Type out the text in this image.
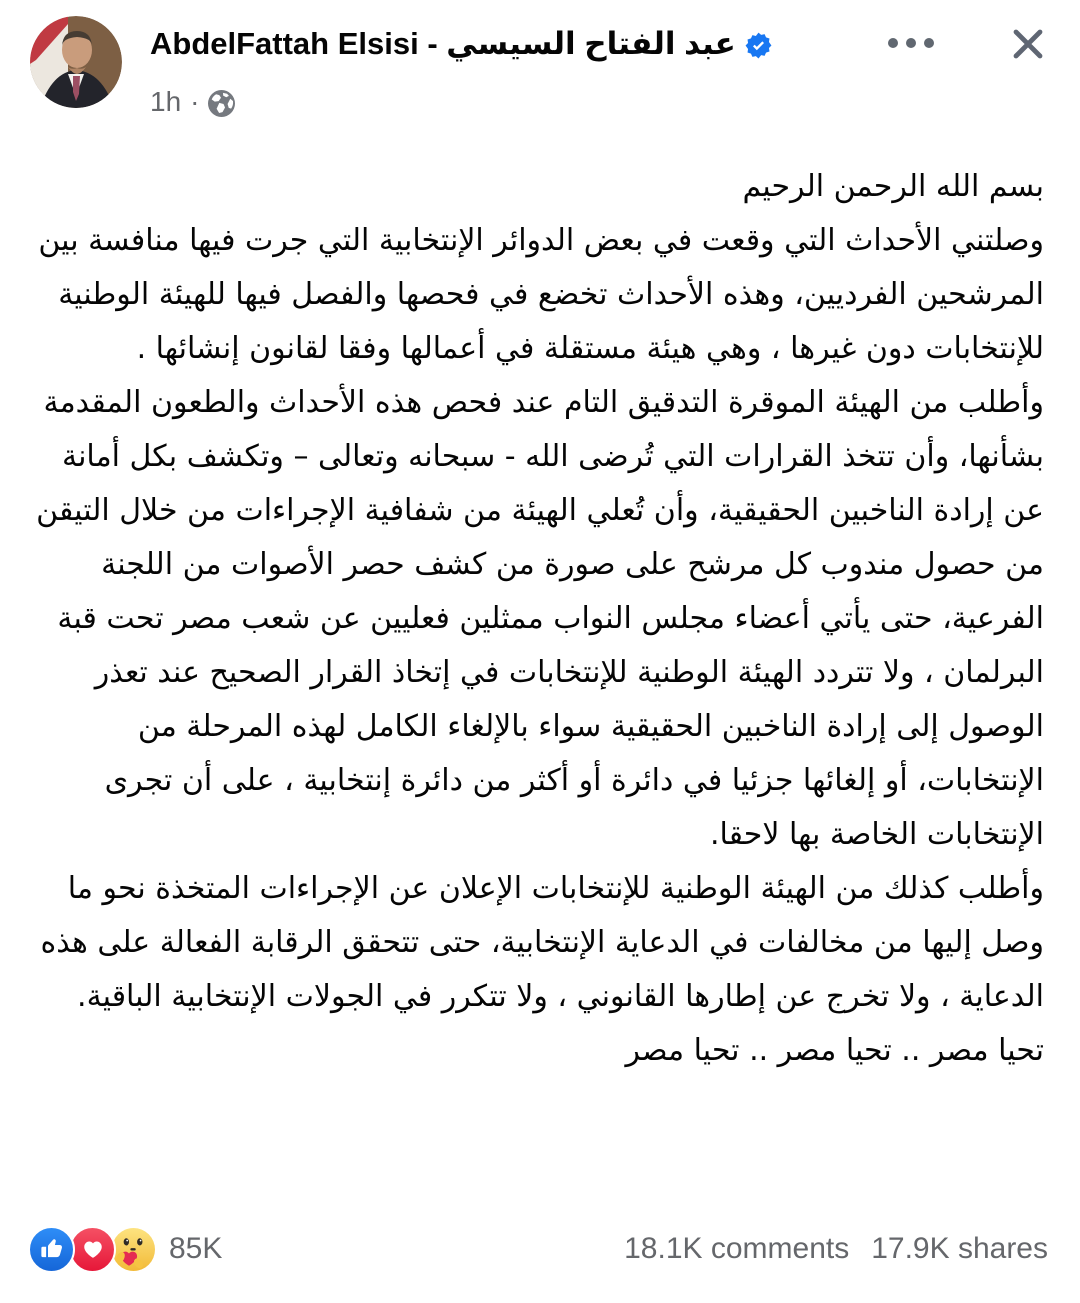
AbdelFattah Elsisi - عبد الفتاح السيسي
1h ·
بسم الله الرحمن الرحيم
وصلتني الأحداث التي وقعت في بعض الدوائر الإنتخابية التي جرت فيها منافسة بين المرشحين الفرديين، وهذه الأحداث تخضع في فحصها والفصل فيها للهيئة الوطنية للإنتخابات دون غيرها ، وهي هيئة مستقلة في أعمالها وفقا لقانون إنشائها .
وأطلب من الهيئة الموقرة التدقيق التام عند فحص هذه الأحداث والطعون المقدمة بشأنها، وأن تتخذ القرارات التي تُرضى الله - سبحانه وتعالى – وتكشف بكل أمانة عن إرادة الناخبين الحقيقية، وأن تُعلي الهيئة من شفافية الإجراءات من خلال التيقن من حصول مندوب كل مرشح على صورة من كشف حصر الأصوات من اللجنة الفرعية، حتى يأتي أعضاء مجلس النواب ممثلين فعليين عن شعب مصر تحت قبة البرلمان ، ولا تتردد الهيئة الوطنية للإنتخابات في إتخاذ القرار الصحيح عند تعذر الوصول إلى إرادة الناخبين الحقيقية سواء بالإلغاء الكامل لهذه المرحلة من الإنتخابات، أو إلغائها جزئيا في دائرة أو أكثر من دائرة إنتخابية ، على أن تجرى الإنتخابات الخاصة بها لاحقا.
وأطلب كذلك من الهيئة الوطنية للإنتخابات الإعلان عن الإجراءات المتخذة نحو ما وصل إليها من مخالفات في الدعاية الإنتخابية، حتى تتحقق الرقابة الفعالة على هذه الدعاية ، ولا تخرج عن إطارها القانوني ، ولا تتكرر في الجولات الإنتخابية الباقية.
تحيا مصر .. تحيا مصر .. تحيا مصر
85K	18.1K comments 17.9K shares
